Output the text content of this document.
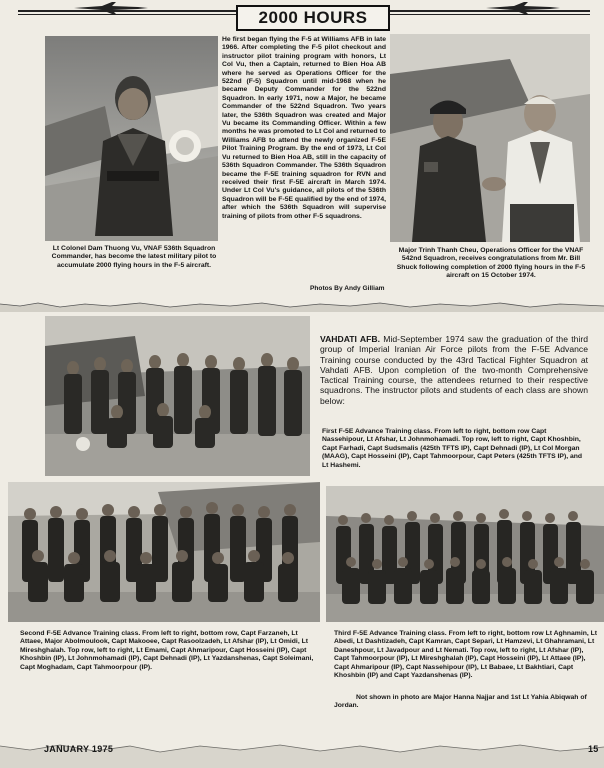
2000 HOURS
Lt Colonel Dam Thuong Vu, VNAF 536th Squadron Commander, has become the latest military pilot to accumulate 2000 flying hours in the F-5 aircraft.
He first began flying the F-5 at Williams AFB in late 1966. After completing the F-5 pilot checkout and instructor pilot training program with honors, Lt Col Vu, then a Captain, returned to Bien Hoa AB where he served as Operations Officer for the 522nd (F-5) Squadron until mid-1968 when he became Deputy Commander for the 522nd Squadron. In early 1971, now a Major, he became Commander of the 522nd Squadron. Two years later, the 536th Squadron was created and Major Vu became its Commanding Officer. Within a few months he was promoted to Lt Col and returned to Williams AFB to attend the newly organized F-5E Pilot Training Program. By the end of 1973, Lt Col Vu returned to Bien Hoa AB, still in the capacity of 536th Squadron Commander. The 536th Squadron became the F-5E training squadron for RVN and received their first F-5E aircraft in March 1974. Under Lt Col Vu's guidance, all pilots of the 536th Squadron will be F-5E qualified by the end of 1974, after which the 536th Squadron will supervise training of pilots from other F-5 squadrons.
Photos By Andy Gilliam
Major Trinh Thanh Cheu, Operations Officer for the VNAF 542nd Squadron, receives congratulations from Mr. Bill Shuck following completion of 2000 flying hours in the F-5 aircraft on 15 October 1974.
VAHDATI AFB. Mid-September 1974 saw the graduation of the third group of Imperial Iranian Air Force pilots from the F-5E Advance Training course conducted by the 43rd Tactical Fighter Squadron at Vahdati AFB. Upon completion of the two-month Comprehensive Tactical Training course, the attendees returned to their respective squadrons. The instructor pilots and students of each class are shown below:
First F-5E Advance Training class. From left to right, bottom row Capt Nassehipour, Lt Afshar, Lt Johnmohamadi. Top row, left to right, Capt Khoshbin, Capt Farhadi, Capt Sudsmalis (425th TFTS IP), Capt Dehnadi (IP), Lt Col Morgan (MAAG), Capt Hosseini (IP), Capt Tahmoorpour, Capt Peters (425th TFTS IP), and Lt Hashemi.
Second F-5E Advance Training class. From left to right, bottom row, Capt Farzaneh, Lt Attaee, Major Abolmoulook, Capt Makooee, Capt Rasoolzadeh, Lt Afshar (IP), Lt Omidi, Lt Mireshghalah. Top row, left to right, Lt Emami, Capt Ahmaripour, Capt Hosseini (IP), Capt Khoshbin (IP), Lt Johnmohamadi (IP), Capt Dehnadi (IP), Lt Yazdanshenas, Capt Soleimani, Capt Moghadam, Capt Tahmoorpour (IP).
Third F-5E Advance Training class. From left to right, bottom row Lt Aghnamin, Lt Abedi, Lt Dashtizadeh, Capt Kamran, Capt Separi, Lt Hamzevi, Lt Ghahramani, Lt Daneshpour, Lt Javadpour and Lt Nemati. Top row, left to right, Lt Afshar (IP), Capt Tahmoorpour (IP), Lt Mireshghalah (IP), Capt Hosseini (IP), Lt Attaee (IP), Capt Ahmaripour (IP), Capt Nassehipour (IP), Lt Babaee, Lt Bakhtiari, Capt Khoshbin (IP) and Capt Yazdanshenas (IP).
Not shown in photo are Major Hanna Najjar and 1st Lt Yahia Abiqwah of Jordan.
JANUARY 1975	15
